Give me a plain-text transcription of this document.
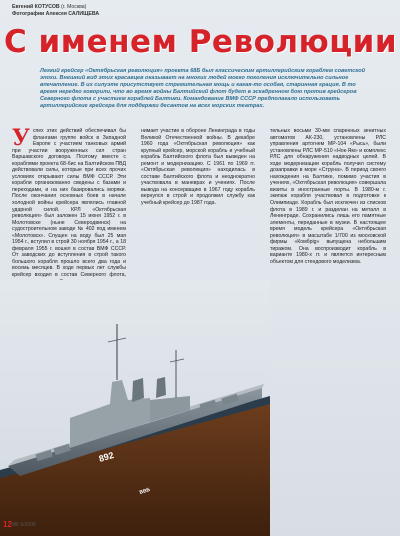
Евгений КОТУСОВ (г. Москва)
Фотографии Алексея САЛИЩЕВА
С именем Революции
Легкий крейсер «Октябрьская революция» проекта 68Б был классическим артиллерийским кораблем советской эпохи. Внешний вид этих красавцев оказывает на многих людей моего поколения исключительно сильное впечатление. В их силуэте присутствует стремительная мощь и какая-то особая, старинная грация. В то время нередко говорили, что во время войны Балтийский флот будет в эскадренном бою против крейсеров Северного флота с участием кораблей Балтики. Командование ВМФ СССР предполагало использовать артиллерийские крейсера для поддержки десантов на всех морских театрах.
Успех этих действий обеспечивал бы флангами группе войск в Западной Европе с участием танковых армий при участии вооруженных сил стран Варшавского договора. Поэтому вместе с кораблями проекта 68-бис на Балтийском ПВД действовали силы, которые при всех прочих условиях открывают силы ВМФ СССР. Эти корабли организованно сведены с базами и переходами, и на них базировались моряки. После окончания основных боев в начале холодной войны крейсера являлись главной ударной силой. КРЛ «Октябрьская революция» был заложен 15 июня 1952 г. в Молотовске (ныне Северодвинск) на судостроительном заводе № 402 под именем «Молотовск». Спущен на воду был 25 мая 1954 г., вступил в строй 30 ноября 1954 г., а 18 февраля 1955 г. вошел в состав ВМФ СССР. От заводских до вступления в строй такого большого корабля прошло всего два года и восемь месяцев. В ходе первых лет службы крейсер входил в состав Северного флота,
нимает участие в обороне Ленинграда в годы Великой Отечественной войны. В декабре 1960 года «Октябрьская революция» как крупный крейсер, морской корабль и учебный корабль Балтийского флота был выведен на ремонт и модернизацию. С 1961 по 1969 гг. «Октябрьская революция» находилась в составе Балтийского флота и неоднократно участвовала в маневрах и учениях. После вывода на консервацию в 1967 году корабль вернулся в строй и продолжил службу как учебный крейсер до 1987 года.
тельных восьми 30-мм спаренных зенитных автоматов АК-230, установлены РЛС управления артогнем МР-104 «Рысь», были установлены РЛС МР-510 «Нок-Ям» и комплекс РЛС для обнаружения надводных целей. В ходе модернизации корабль получил систему дозаправки в море «Струна». В период своего нахождения на Балтике, помимо участия в учениях, «Октябрьская революция» совершала визиты в иностранные порты. В 1980-м г. экипаж корабля участвовал в подготовке к Олимпиаде. Корабль был исключен из списков флота в 1989 г. и разделан на металл в Ленинграде. Сохранились лишь его памятные элементы, переданные в музеи. В настоящее время модель крейсера «Октябрьская революция» в масштабе 1/700 из московской фирмы «Комбрig» выпущена небольшим тиражом. Она воспроизводит корабль в варианте 1980-х гг. и является интересным объектом для стендового моделизма.
892
ВВБ
12 МК 6/2006
